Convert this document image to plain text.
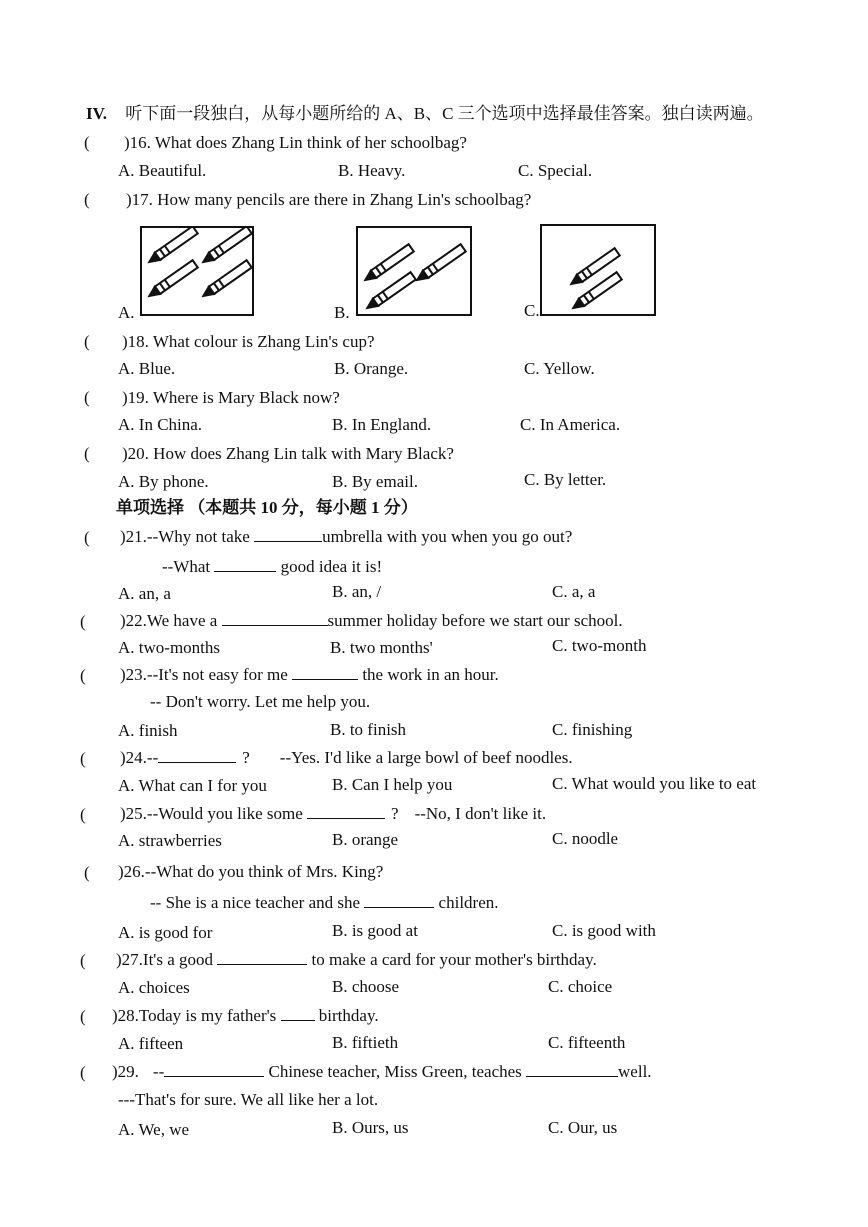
IV. 听下面一段独白，从每小题所给的 A、B、C 三个选项中选择最佳答案。独白读两遍。
( )16. What does Zhang Lin think of her schoolbag?
A. Beautiful.	B. Heavy.	C. Special.
( )17. How many pencils are there in Zhang Lin's schoolbag?
A.	B.	C.
( )18. What colour is Zhang Lin's cup?
A. Blue.	B. Orange.	C. Yellow.
( )19. Where is Mary Black now?
A. In China.	B. In England.	C. In America.
( )20. How does Zhang Lin talk with Mary Black?
A. By phone.	B. By email.	C. By letter.
单项选择 （本题共 10 分，每小题 1 分）
( )21.--Why not take	umbrella with you when you go out?
--What	good idea it is!
A. an, a	B. an, /	C. a, a
( )22.We have a	summer holiday before we start our school.
A. two-months	B. two months'	C. two-month
( )23.--It's not easy for me	the work in an hour.
-- Don't worry. Let me help you.
A. finish	B. to finish	C. finishing
( )24.--	? --Yes. I'd like a large bowl of beef noodles.
A. What can I for you	B. Can I help you	C. What would you like to eat
( )25.--Would you like some	? --No, I don't like it.
A. strawberries	B. orange	C. noodle
( )26.--What do you think of Mrs. King?
-- She is a nice teacher and she	children.
A. is good for	B. is good at	C. is good with
( )27.It's a good	to make a card for your mother's birthday.
A. choices	B. choose	C. choice
( )28.Today is my father's  birthday.
A. fifteen	B. fiftieth	C. fifteenth
( )29. --	Chinese teacher, Miss Green, teaches	well.
---That's for sure. We all like her a lot.
A. We, we	B. Ours, us	C. Our, us
